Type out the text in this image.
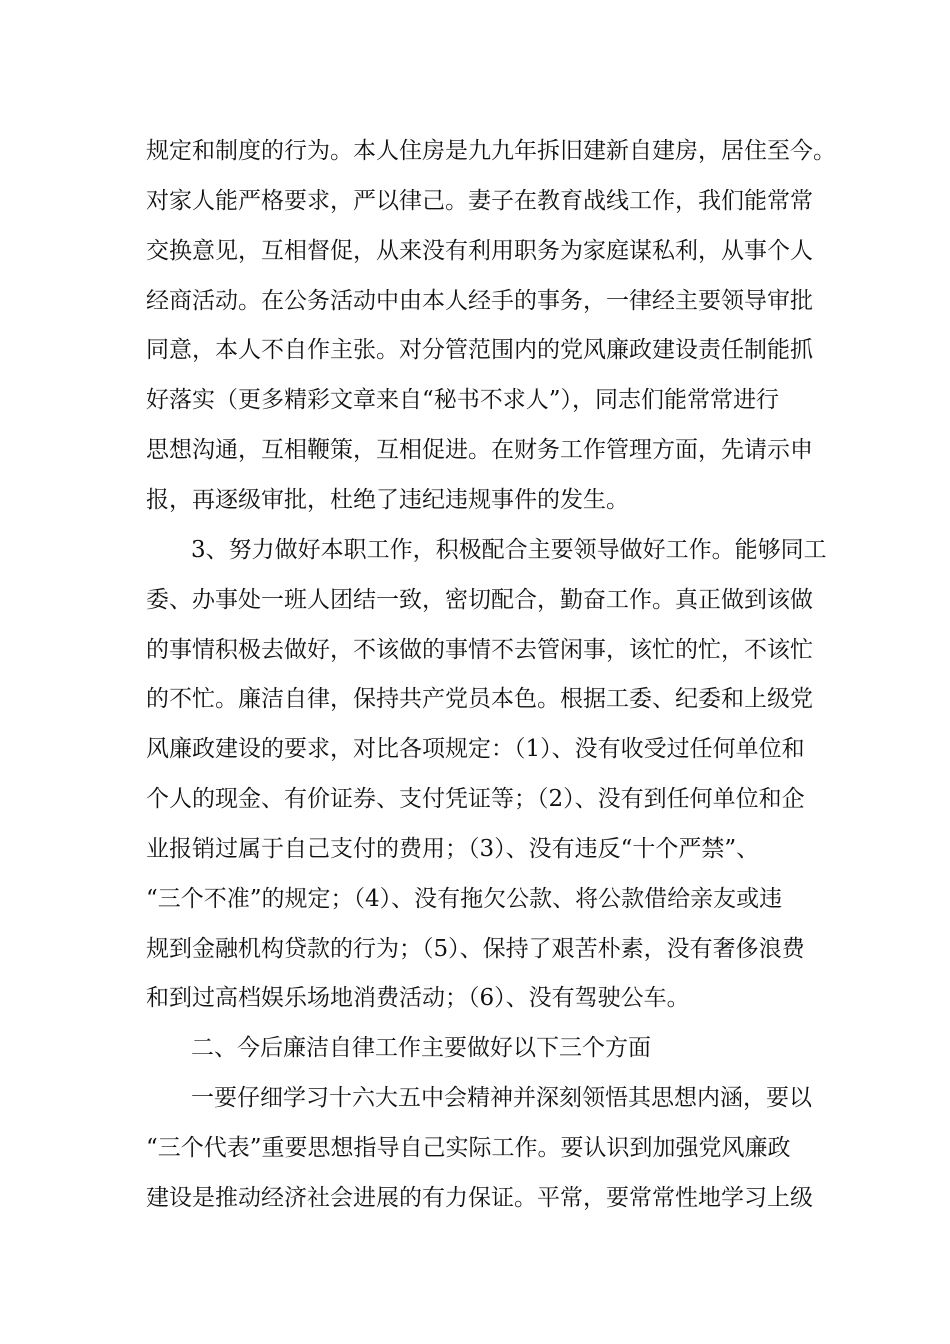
规定和制度的行为。本人住房是九九年拆旧建新自建房，居住至今。
对家人能严格要求，严以律己。妻子在教育战线工作，我们能常常
交换意见，互相督促，从来没有利用职务为家庭谋私利，从事个人
经商活动。在公务活动中由本人经手的事务，一律经主要领导审批
同意，本人不自作主张。对分管范围内的党风廉政建设责任制能抓
好落实（更多精彩文章来自“秘书不求人”），同志们能常常进行
思想沟通，互相鞭策，互相促进。在财务工作管理方面，先请示申
报，再逐级审批，杜绝了违纪违规事件的发生。
3、努力做好本职工作，积极配合主要领导做好工作。能够同工
委、办事处一班人团结一致，密切配合，勤奋工作。真正做到该做
的事情积极去做好，不该做的事情不去管闲事，该忙的忙，不该忙
的不忙。廉洁自律，保持共产党员本色。根据工委、纪委和上级党
风廉政建设的要求，对比各项规定：（1）、没有收受过任何单位和
个人的现金、有价证券、支付凭证等；（2）、没有到任何单位和企
业报销过属于自己支付的费用；（3）、没有违反“十个严禁”、
“三个不准”的规定；（4）、没有拖欠公款、将公款借给亲友或违
规到金融机构贷款的行为；（5）、保持了艰苦朴素，没有奢侈浪费
和到过高档娱乐场地消费活动；（6）、没有驾驶公车。
二、今后廉洁自律工作主要做好以下三个方面
一要仔细学习十六大五中会精神并深刻领悟其思想内涵，要以
“三个代表”重要思想指导自己实际工作。要认识到加强党风廉政
建设是推动经济社会进展的有力保证。平常，要常常性地学习上级
